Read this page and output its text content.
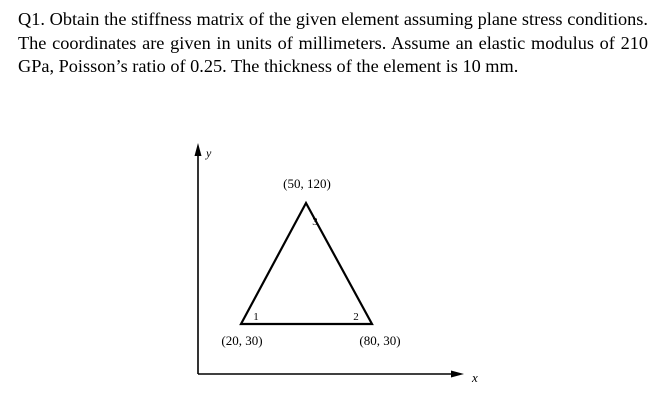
Q1. Obtain the stiffness matrix of the given element assuming plane stress conditions. The coordinates are given in units of millimeters. Assume an elastic modulus of 210 GPa, Poisson’s ratio of 0.25. The thickness of the element is 10 mm.

y
x
1	2
3
(20, 30)	(80, 30)
(50, 120)
